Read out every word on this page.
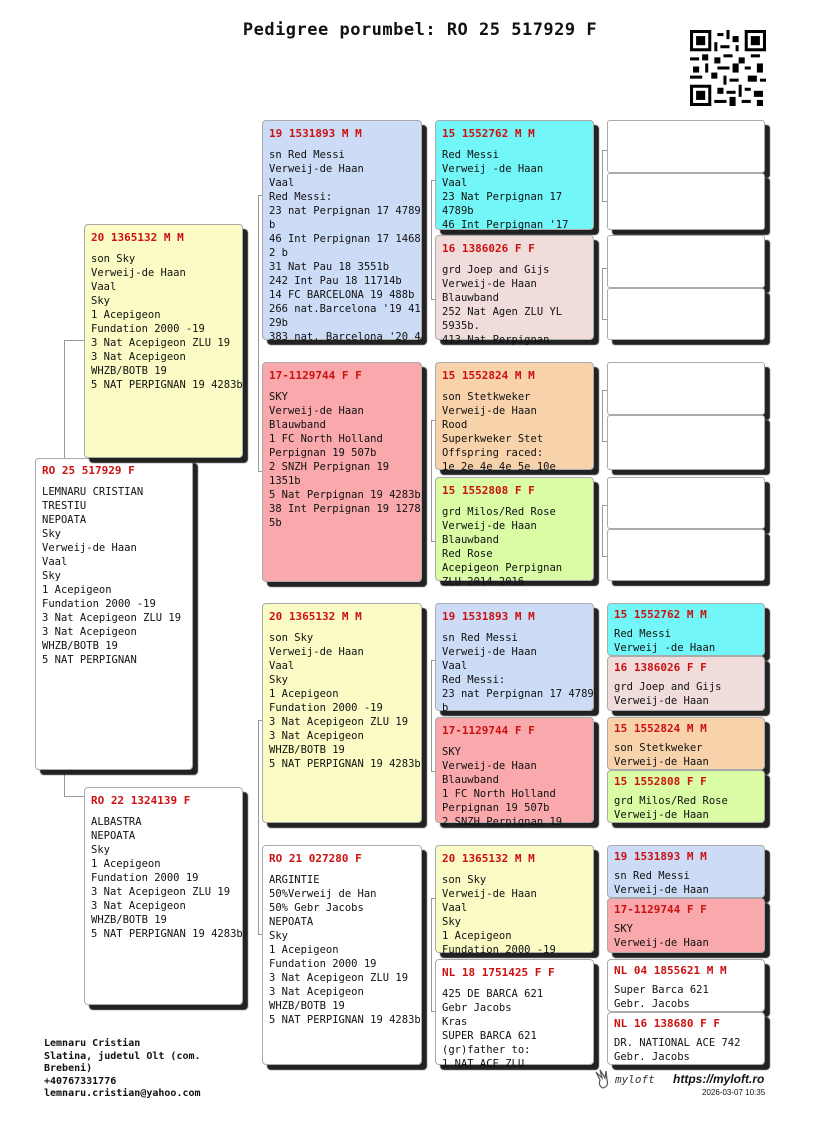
Pedigree porumbel: RO 25 517929 F
RO 25 517929 F
LEMNARU CRISTIAN
TRESTIU
NEPOATA
Sky
Verweij-de Haan
Vaal
Sky
1 Acepigeon
Fundation 2000 -19
3 Nat Acepigeon ZLU 19
3 Nat Acepigeon
WHZB/BOTB 19
5 NAT PERPIGNAN
20 1365132 M M
son Sky
Verweij-de Haan
Vaal
Sky
1 Acepigeon
Fundation 2000 -19
3 Nat Acepigeon ZLU 19
3 Nat Acepigeon
WHZB/BOTB 19
5 NAT PERPIGNAN 19 4283b
RO 22 1324139 F
ALBASTRA
NEPOATA
Sky
1 Acepigeon
Fundation 2000 19
3 Nat Acepigeon ZLU 19
3 Nat Acepigeon
WHZB/BOTB 19
5 NAT PERPIGNAN 19 4283b
19 1531893 M M
sn Red Messi
Verweij-de Haan
Vaal
Red Messi:
23 nat Perpignan 17 4789
b
46 Int Perpignan 17 1468
2 b
31 Nat Pau 18 3551b
242 Int Pau 18 11714b
14 FC BARCELONA 19 488b
266 nat.Barcelona '19 41
29b
383 nat. Barcelona '20 4
17-1129744 F F
SKY
Verweij-de Haan
Blauwband
1 FC North Holland
Perpignan 19 507b
2 SNZH Perpignan 19
1351b
5 Nat Perpignan 19 4283b
38 Int Perpignan 19 1278
5b
20 1365132 M M
son Sky
Verweij-de Haan
Vaal
Sky
1 Acepigeon
Fundation 2000 -19
3 Nat Acepigeon ZLU 19
3 Nat Acepigeon
WHZB/BOTB 19
5 NAT PERPIGNAN 19 4283b
RO 21 027280 F
ARGINTIE
50%Verweij de Han
50% Gebr Jacobs
NEPOATA
Sky
1 Acepigeon
Fundation 2000 19
3 Nat Acepigeon ZLU 19
3 Nat Acepigeon
WHZB/BOTB 19
5 NAT PERPIGNAN 19 4283b
15 1552762 M M
Red Messi
Verweij -de Haan
Vaal
23 Nat Perpignan 17
4789b
46 Int Perpignan '17
16 1386026 F F
grd Joep and Gijs
Verweij-de Haan
Blauwband
252 Nat Agen ZLU YL
5935b.
413 Nat Perpignan
15 1552824 M M
son Stetkweker
Verweij-de Haan
Rood
Superkweker Stet
Offspring raced:
1e 2e 4e 4e 5e 10e
15 1552808 F F
grd Milos/Red Rose
Verweij-de Haan
Blauwband
Red Rose
Acepigeon Perpignan
ZLU 2014-2016
19 1531893 M M
sn Red Messi
Verweij-de Haan
Vaal
Red Messi:
23 nat Perpignan 17 4789
b
17-1129744 F F
SKY
Verweij-de Haan
Blauwband
1 FC North Holland
Perpignan 19 507b
2 SNZH Perpignan 19
20 1365132 M M
son Sky
Verweij-de Haan
Vaal
Sky
1 Acepigeon
Fundation 2000 -19
NL 18 1751425 F F
425 DE BARCA 621
Gebr Jacobs
Kras
SUPER BARCA 621
(gr)father to:
1 NAT ACE ZLU
15 1552762 M M
Red Messi
Verweij -de Haan
16 1386026 F F
grd Joep and Gijs
Verweij-de Haan
15 1552824 M M
son Stetkweker
Verweij-de Haan
15 1552808 F F
grd Milos/Red Rose
Verweij-de Haan
19 1531893 M M
sn Red Messi
Verweij-de Haan
17-1129744 F F
SKY
Verweij-de Haan
NL 04 1855621 M M
Super Barca 621
Gebr. Jacobs
NL 16 138680 F F
DR. NATIONAL ACE 742
Gebr. Jacobs
Lemnaru Cristian
Slatina, judetul Olt (com.
Brebeni)
+40767331776
lemnaru.cristian@yahoo.com
myloft https://myloft.ro
2026-03-07 10:35
